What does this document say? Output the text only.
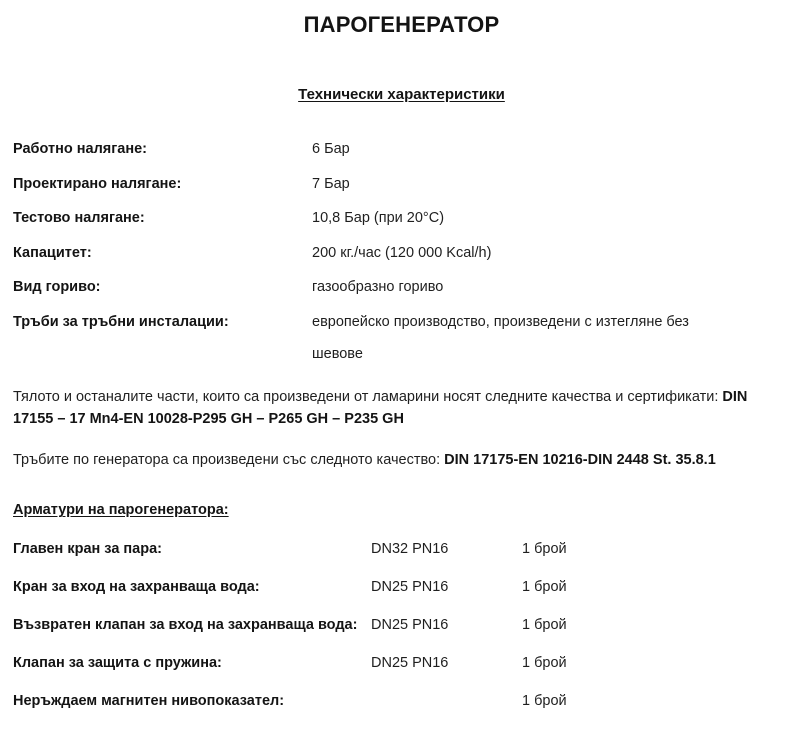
ПАРОГЕНЕРАТОР
Технически характеристики
Работно налягане:	6 Бар
Проектирано налягане:	7 Бар
Тестово налягане:	10,8 Бар (при 20°С)
Капацитет:	200 кг./час (120 000 Kcal/h)
Вид гориво:	газообразно гориво
Тръби за тръбни инсталации:	европейско производство, произведени с изтегляне без
шевове

Тялото и останалите части, които са произведени от ламарини носят следните качества и сертификати: DIN 17155 – 17 Mn4-EN 10028-P295 GH – P265 GH – P235 GH

Тръбите по генератора са произведени със следното качество: DIN 17175-EN 10216-DIN 2448 St. 35.8.1

Арматури на парогенератора:
Главен кран за пара:	DN32 PN16	1 брой
Кран за вход на захранваща вода:	DN25 PN16	1 брой
Възвратен клапан за вход на захранваща вода:	DN25 PN16	1 брой
Клапан за защита с пружина:	DN25 PN16	1 брой
Неръждаем магнитен нивопоказател:		1 брой
